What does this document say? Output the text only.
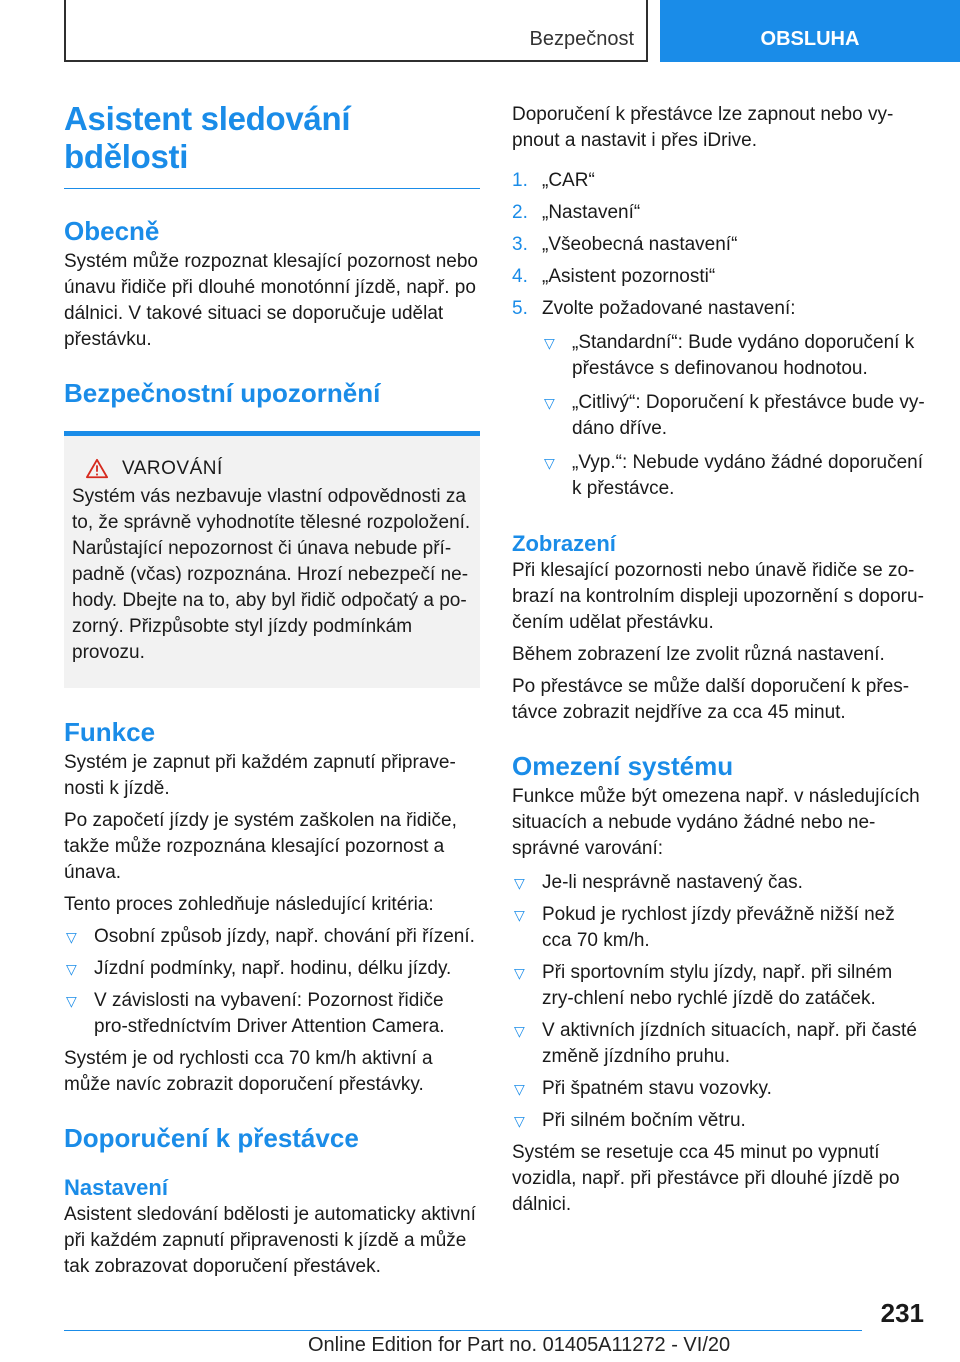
Bezpečnost	OBSLUHA
Asistent sledování bdělosti
Obecně

Systém může rozpoznat klesající pozornost nebo únavu řidiče při dlouhé monotónní jízdě, např. po dálnici. V takové situaci se doporučuje udělat přestávku.

Bezpečnostní upozornění
VAROVÁNÍ

Systém vás nezbavuje vlastní odpovědnosti za to, že správně vyhodnotíte tělesné rozpoložení. Narůstající nepozornost či únava nebude pří-padně (včas) rozpoznána. Hrozí nebezpečí ne-hody. Dbejte na to, aby byl řidič odpočatý a po-zorný. Přizpůsobte styl jízdy podmínkám provozu.

Funkce

Systém je zapnut při každém zapnutí připrave-nosti k jízdě.

Po započetí jízdy je systém zaškolen na řidiče, takže může rozpoznána klesající pozornost a únava.

Tento proces zohledňuje následující kritéria:

▽ Osobní způsob jízdy, např. chování při řízení.
▽ Jízdní podmínky, např. hodinu, délku jízdy.
▽ V závislosti na vybavení: Pozornost řidiče pro-středníctvím Driver Attention Camera.

Systém je od rychlosti cca 70 km/h aktivní a může navíc zobrazit doporučení přestávky.

Doporučení k přestávce
Nastavení

Asistent sledování bdělosti je automaticky aktivní při každém zapnutí připravenosti k jízdě a může tak zobrazovat doporučení přestávek.

Doporučení k přestávce lze zapnout nebo vy-pnout a nastavit i přes iDrive.

1. „CAR“
2. „Nastavení“
3. „Všeobecná nastavení“
4. „Asistent pozornosti“
5. Zvolte požadované nastavení:
▽ „Standardní“: Bude vydáno doporučení k přestávce s definovanou hodnotou.
▽ „Citlivý“: Doporučení k přestávce bude vy-dáno dříve.
▽ „Vyp.“: Nebude vydáno žádné doporučení k přestávce.
Zobrazení

Při klesající pozornosti nebo únavě řidiče se zo-brazí na kontrolním displeji upozornění s doporu-čením udělat přestávku.

Během zobrazení lze zvolit různá nastavení.

Po přestávce se může další doporučení k přes-távce zobrazit nejdříve za cca 45 minut.

Omezení systému

Funkce může být omezena např. v následujících situacích a nebude vydáno žádné nebo ne-správné varování:

▽ Je-li nesprávně nastavený čas.
▽ Pokud je rychlost jízdy převážně nižší než cca 70 km/h.
▽ Při sportovním stylu jízdy, např. při silném zry-chlení nebo rychlé jízdě do zatáček.
▽ V aktivních jízdních situacích, např. při časté změně jízdního pruhu.
▽ Při špatném stavu vozovky.
▽ Při silném bočním větru.

Systém se resetuje cca 45 minut po vypnutí vozidla, např. při přestávce při dlouhé jízdě po dálnici.

231
Online Edition for Part no. 01405A11272 - VI/20
